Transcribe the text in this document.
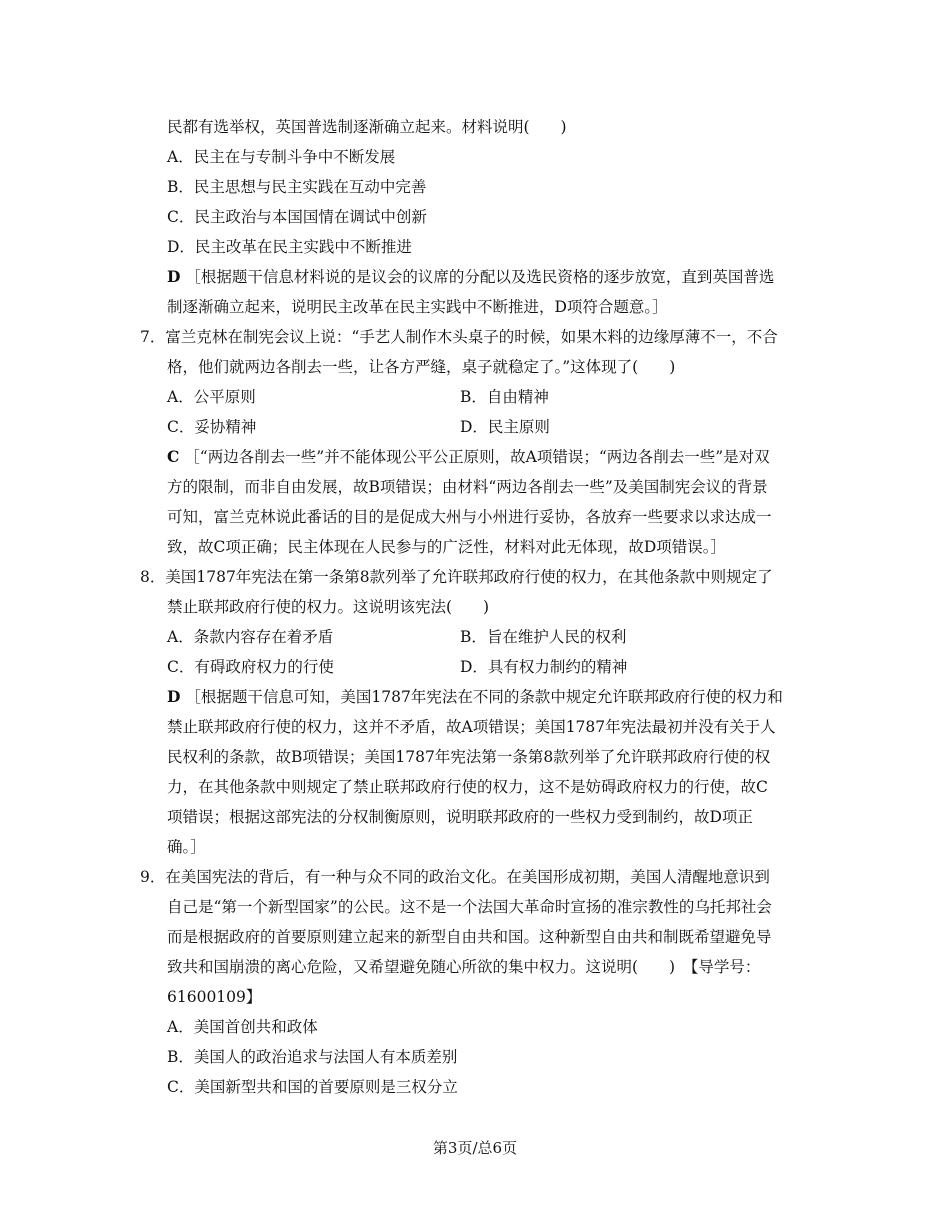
民都有选举权，英国普选制逐渐确立起来。材料说明(　　)
A．民主在与专制斗争中不断发展
B．民主思想与民主实践在互动中完善
C．民主政治与本国国情在调试中创新
D．民主改革在民主实践中不断推进
D ［根据题干信息材料说的是议会的议席的分配以及选民资格的逐步放宽，直到英国普选
制逐渐确立起来，说明民主改革在民主实践中不断推进，D项符合题意。］
7．富兰克林在制宪会议上说：“手艺人制作木头桌子的时候，如果木料的边缘厚薄不一，不合
格，他们就两边各削去一些，让各方严缝，桌子就稳定了。”这体现了(　　)
A．公平原则	B．自由精神
C．妥协精神	D．民主原则
C ［“两边各削去一些”并不能体现公平公正原则，故A项错误；“两边各削去一些”是对双
方的限制，而非自由发展，故B项错误；由材料“两边各削去一些”及美国制宪会议的背景
可知，富兰克林说此番话的目的是促成大州与小州进行妥协，各放弃一些要求以求达成一
致，故C项正确；民主体现在人民参与的广泛性，材料对此无体现，故D项错误。］
8．美国1787年宪法在第一条第8款列举了允许联邦政府行使的权力，在其他条款中则规定了
禁止联邦政府行使的权力。这说明该宪法(　　)
A．条款内容存在着矛盾	B．旨在维护人民的权利
C．有碍政府权力的行使	D．具有权力制约的精神
D ［根据题干信息可知，美国1787年宪法在不同的条款中规定允许联邦政府行使的权力和
禁止联邦政府行使的权力，这并不矛盾，故A项错误；美国1787年宪法最初并没有关于人
民权利的条款，故B项错误；美国1787年宪法第一条第8款列举了允许联邦政府行使的权
力，在其他条款中则规定了禁止联邦政府行使的权力，这不是妨碍政府权力的行使，故C
项错误；根据这部宪法的分权制衡原则，说明联邦政府的一些权力受到制约，故D项正
确。］
9．在美国宪法的背后，有一种与众不同的政治文化。在美国形成初期，美国人清醒地意识到
自己是“第一个新型国家”的公民。这不是一个法国大革命时宣扬的准宗教性的乌托邦社会
而是根据政府的首要原则建立起来的新型自由共和国。这种新型自由共和制既希望避免导
致共和国崩溃的离心危险，又希望避免随心所欲的集中权力。这说明(　　)　【导学号：
61600109】
A．美国首创共和政体
B．美国人的政治追求与法国人有本质差别
C．美国新型共和国的首要原则是三权分立
第3页/总6页
